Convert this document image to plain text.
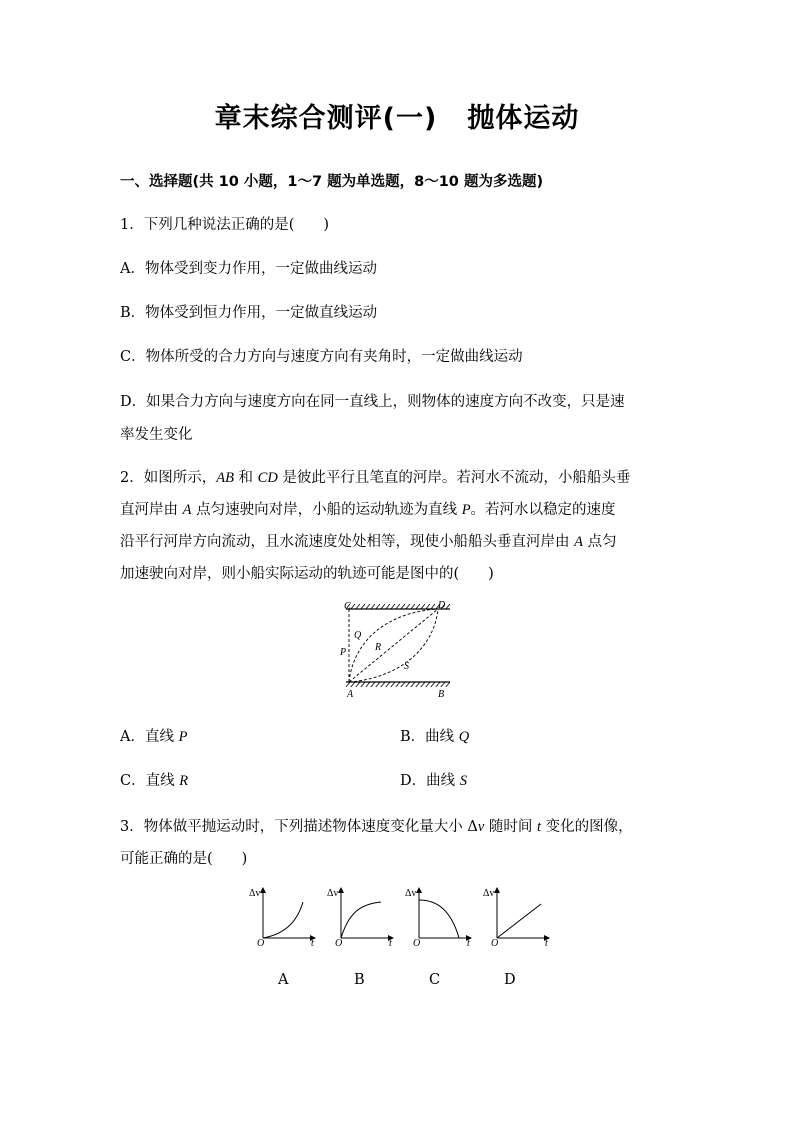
章末综合测评(一) 抛体运动
一、选择题(共 10 小题，1～7 题为单选题，8～10 题为多选题)
1．下列几种说法正确的是(　　)
A．物体受到变力作用，一定做曲线运动
B．物体受到恒力作用，一定做直线运动
C．物体所受的合力方向与速度方向有夹角时，一定做曲线运动
D．如果合力方向与速度方向在同一直线上，则物体的速度方向不改变，只是速
率发生变化
2．如图所示，AB 和 CD 是彼此平行且笔直的河岸。若河水不流动，小船船头垂
直河岸由 A 点匀速驶向对岸，小船的运动轨迹为直线 P。若河水以稳定的速度
沿平行河岸方向流动，且水流速度处处相等，现使小船船头垂直河岸由 A 点匀
加速驶向对岸，则小船实际运动的轨迹可能是图中的(　　)
C	D
A	B
P
Q
R
S
A．直线 P	B．曲线 Q
C．直线 R	D．曲线 S
3．物体做平抛运动时，下列描述物体速度变化量大小 Δv 随时间 t 变化的图像，
可能正确的是(　　)
Δv
O	t
Δv
O	t
Δv
O	t
Δv
O	t
A	B	C	D
